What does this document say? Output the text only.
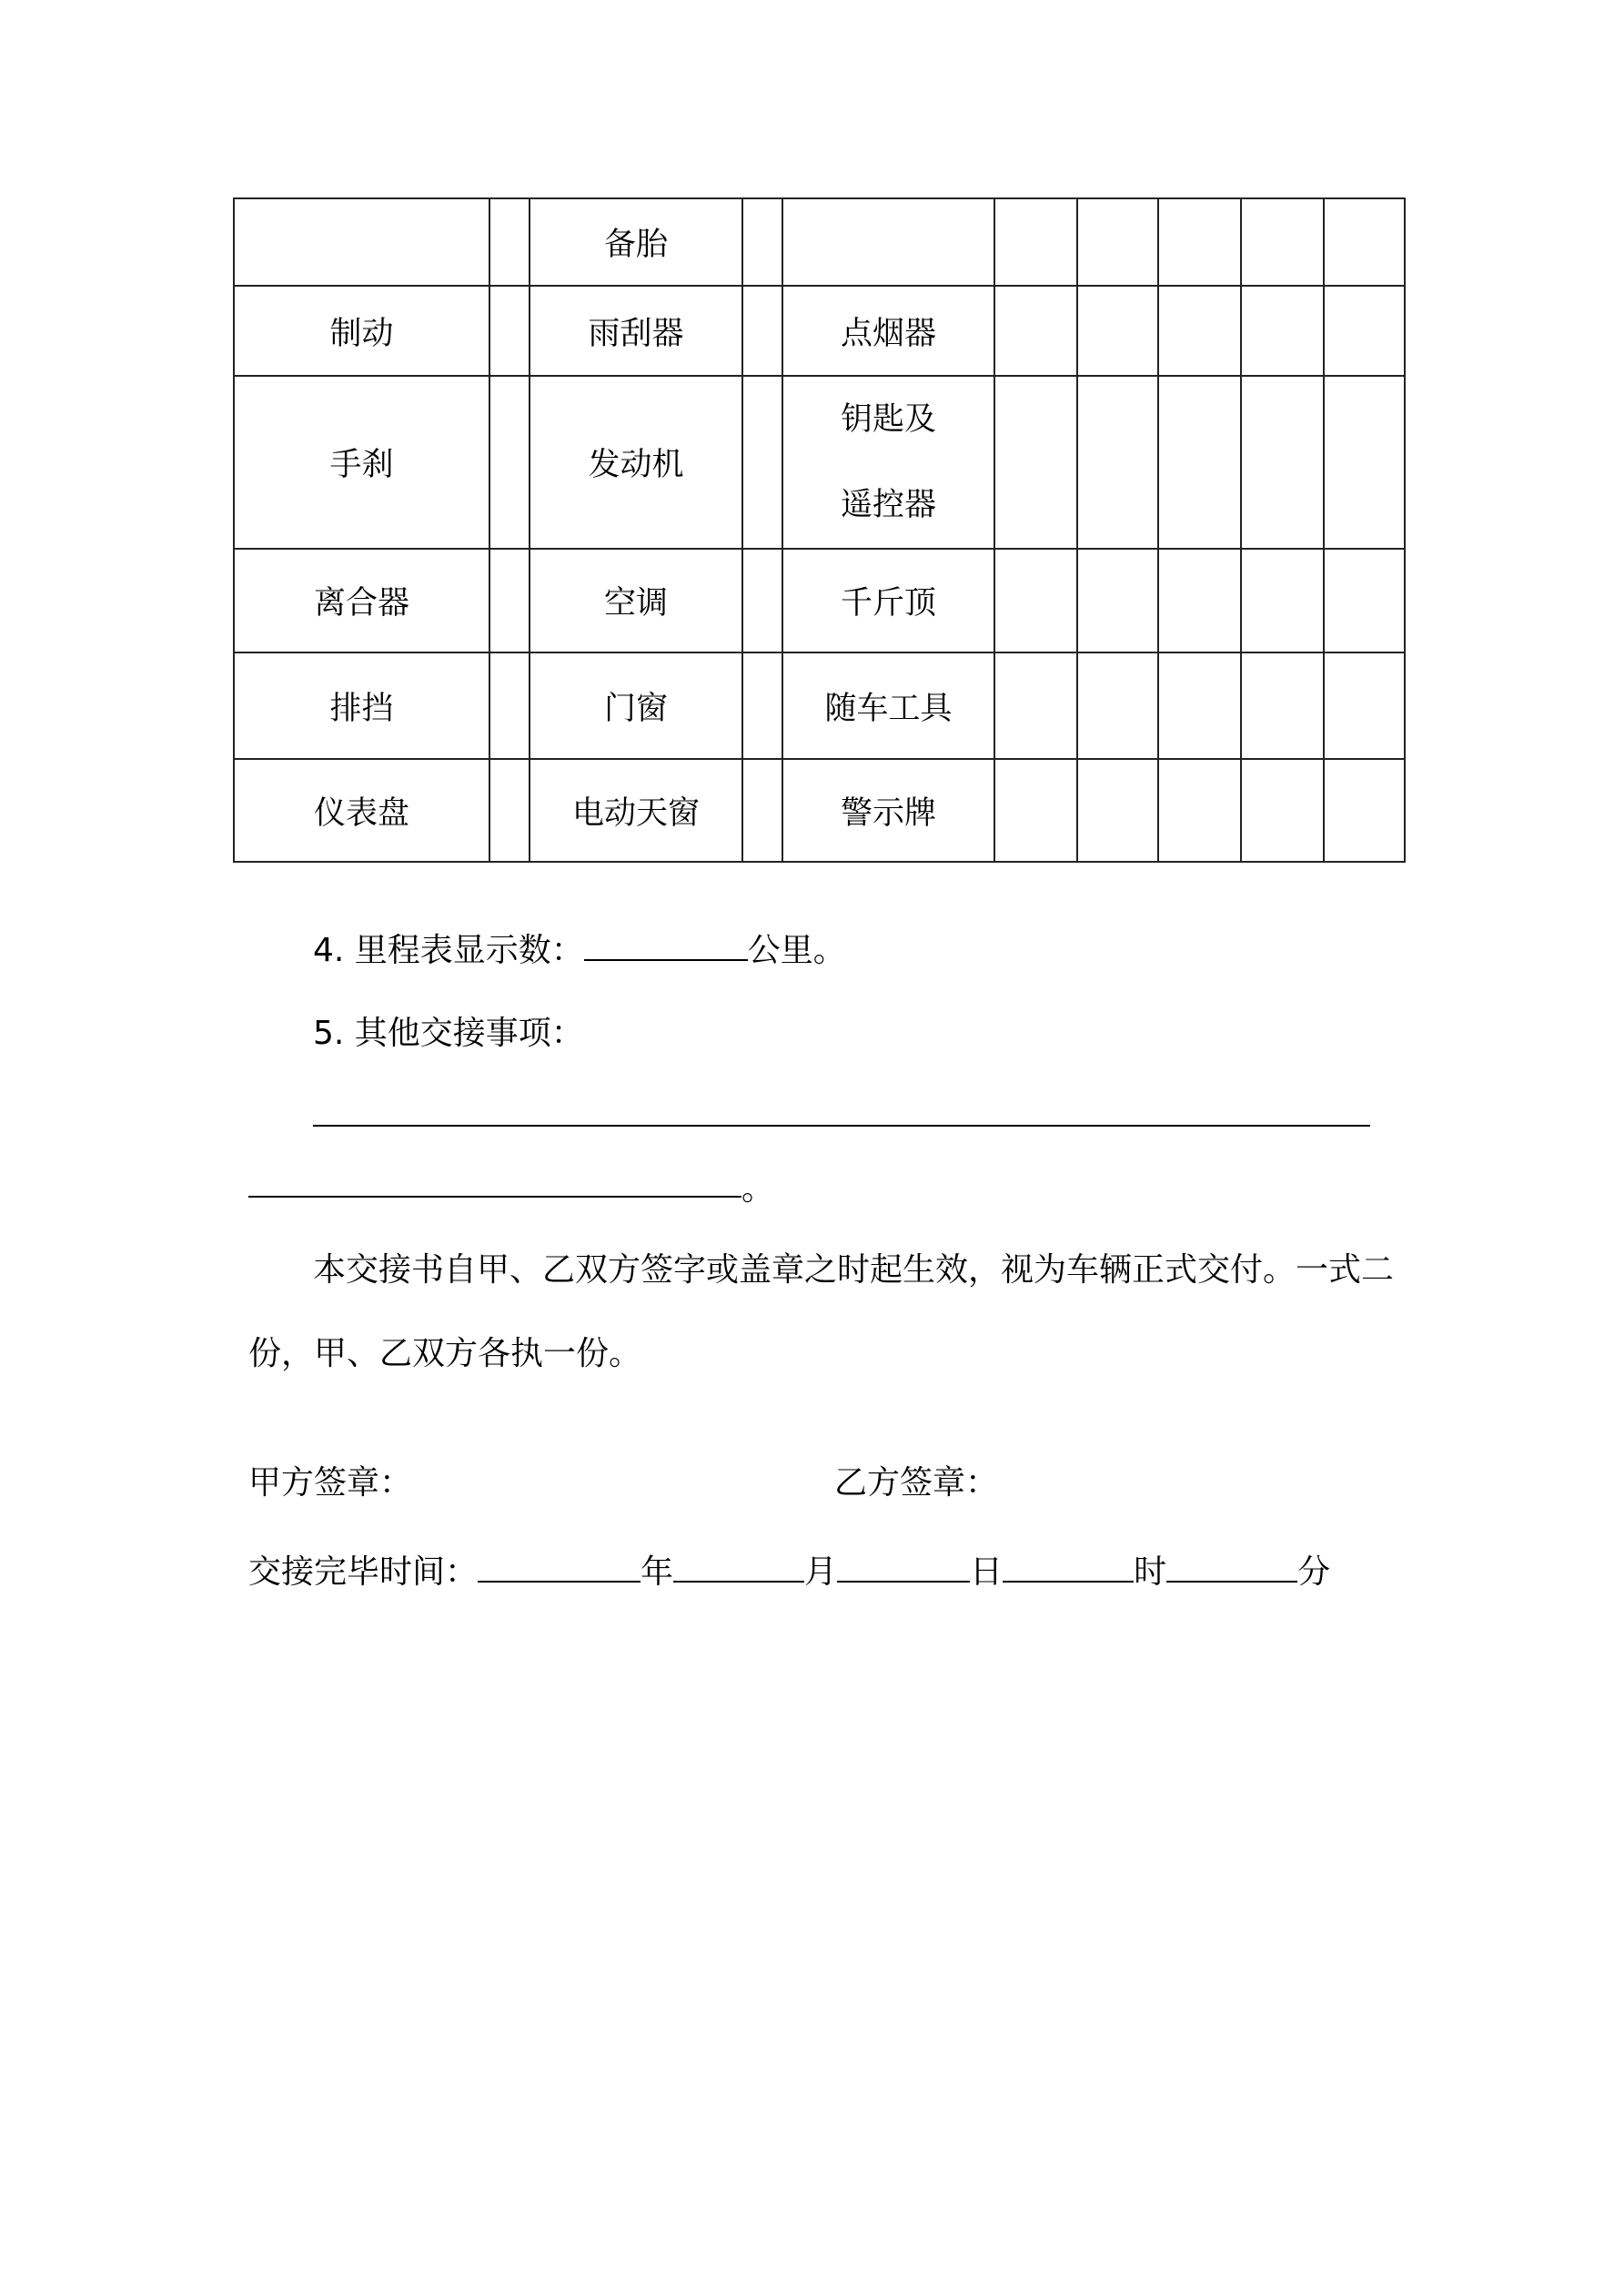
		备胎							
制动		雨刮器		点烟器					
手刹		发动机		钥匙及
遥控器					

离合器		空调		千斤顶					
排挡		门窗		随车工具					
仪表盘		电动天窗		警示牌					
4. 里程表显示数：	公里。
5. 其他交接事项：
。
本交接书自甲、乙双方签字或盖章之时起生效，视为车辆正式交付。一式二
份，甲、乙双方各执一份。
甲方签章：	乙方签章：
交接完毕时间：	年	月	日	时	分
